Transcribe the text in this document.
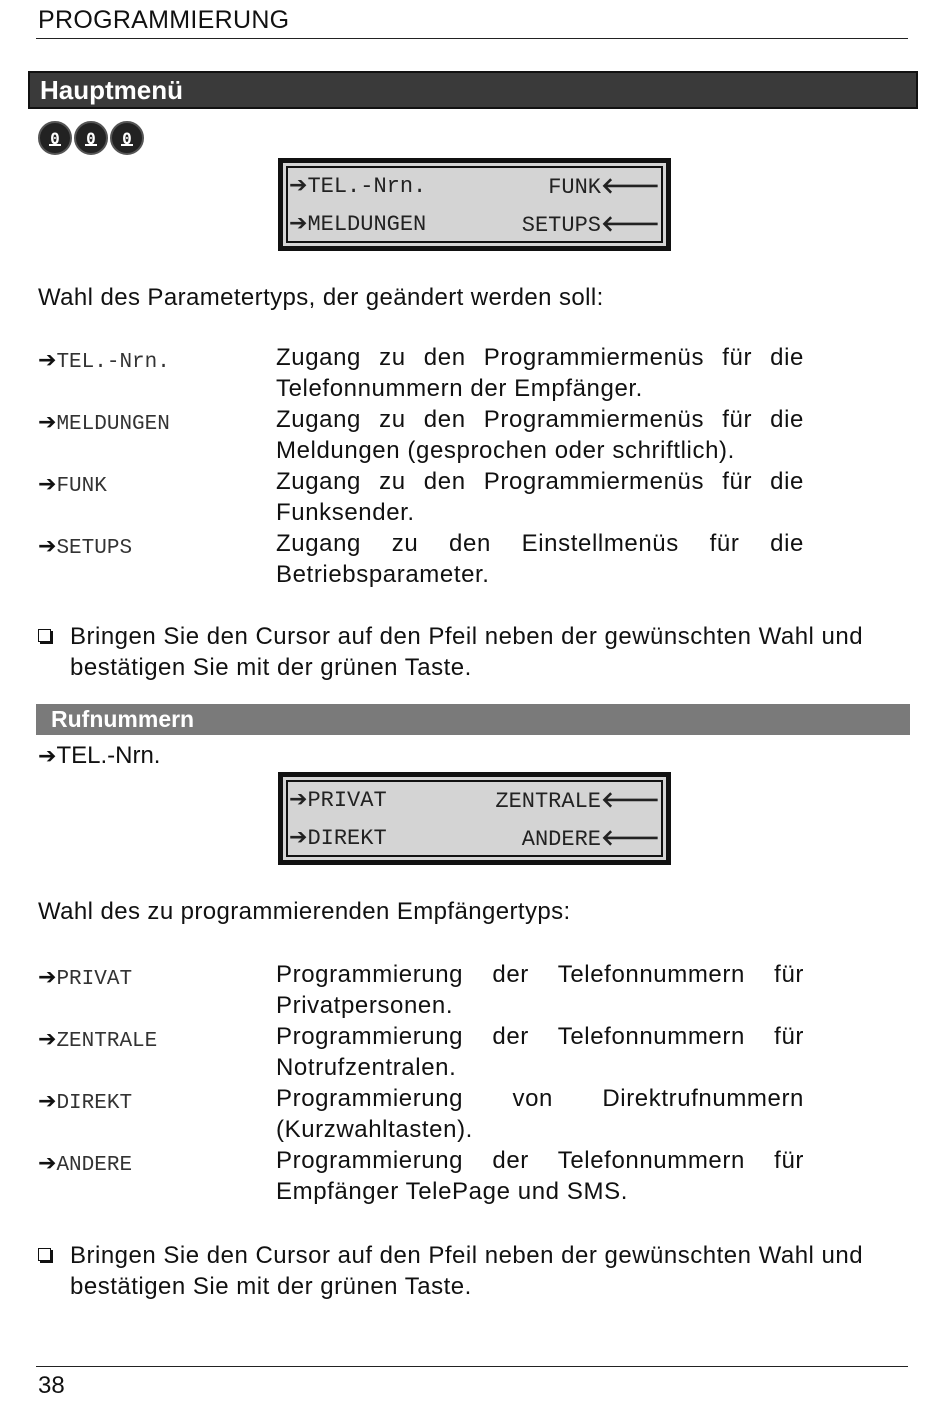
PROGRAMMIERUNG
Hauptmenü
0	0	0
➔TEL.-Nrn.	FUNK🡐
➔MELDUNGEN	SETUPS🡐
Wahl des Parametertyps, der geändert werden soll:
➔TEL.-Nrn.	Zugang zu den Programmiermenüs für die Telefonnummern der Empfänger.
➔MELDUNGEN	Zugang zu den Programmiermenüs für die Meldungen (gesprochen oder schriftlich).
➔FUNK	Zugang zu den Programmiermenüs für die Funksender.
➔SETUPS	Zugang zu den Einstellmenüs für die Betriebsparameter.
Bringen Sie den Cursor auf den Pfeil neben der gewünschten Wahl und bestätigen Sie mit der grünen Taste.
Rufnummern
➔TEL.-Nrn.
➔PRIVAT	ZENTRALE🡐
➔DIREKT	ANDERE🡐
Wahl des zu programmierenden Empfängertyps:
➔PRIVAT	Programmierung der Telefonnummern für Privatpersonen.
➔ZENTRALE	Programmierung der Telefonnummern für Notrufzentralen.
➔DIREKT	Programmierung von Direktrufnummern (Kurzwahltasten).
➔ANDERE	Programmierung der Telefonnummern für Empfänger TelePage und SMS.
Bringen Sie den Cursor auf den Pfeil neben der gewünschten Wahl und bestätigen Sie mit der grünen Taste.
38
